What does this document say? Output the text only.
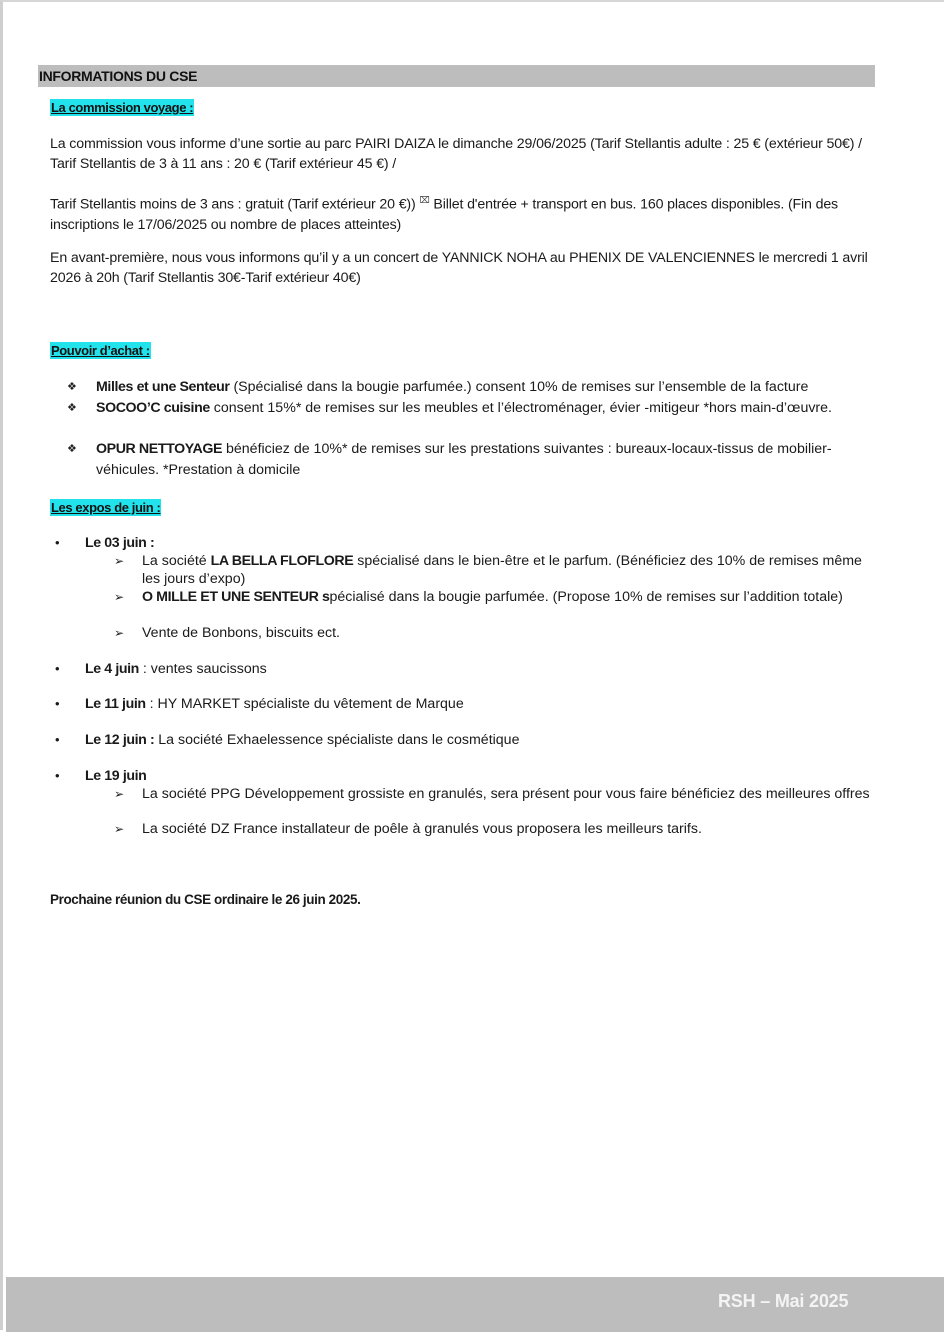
INFORMATIONS DU CSE
La commission voyage :
La commission vous informe d’une sortie au parc PAIRI DAIZA le dimanche 29/06/2025 (Tarif Stellantis adulte : 25 € (extérieur 50€) / Tarif Stellantis de 3 à 11 ans : 20 € (Tarif extérieur 45 €) /
Tarif Stellantis moins de 3 ans : gratuit (Tarif extérieur 20 €)) ⌧ Billet d'entrée + transport en bus. 160 places disponibles. (Fin des inscriptions le 17/06/2025 ou nombre de places atteintes)
En avant-première, nous vous informons qu’il y a un concert de YANNICK NOHA au PHENIX DE VALENCIENNES le mercredi 1 avril 2026 à 20h (Tarif Stellantis 30€-Tarif extérieur 40€)
Pouvoir d’achat :
❖ Milles et une Senteur (Spécialisé dans la bougie parfumée.) consent 10% de remises sur l’ensemble de la facture
❖ SOCOO’C cuisine consent 15%* de remises sur les meubles et l’électroménager, évier -mitigeur *hors main-d’œuvre.
❖ OPUR NETTOYAGE bénéficiez de 10%* de remises sur les prestations suivantes : bureaux-locaux-tissus de mobilier-véhicules. *Prestation à domicile
Les expos de juin :
• Le 03 juin :
➢ La société LA BELLA FLOFLORE spécialisé dans le bien-être et le parfum. (Bénéficiez des 10% de remises même les jours d’expo)
➢ O MILLE ET UNE SENTEUR spécialisé dans la bougie parfumée. (Propose 10% de remises sur l’addition totale)
➢ Vente de Bonbons, biscuits ect.
• Le 4 juin : ventes saucissons
• Le 11 juin : HY MARKET spécialiste du vêtement de Marque
• Le 12 juin : La société Exhaelessence spécialiste dans le cosmétique
• Le 19 juin
➢ La société PPG Développement grossiste en granulés, sera présent pour vous faire bénéficiez des meilleures offres
➢ La société DZ France installateur de poêle à granulés vous proposera les meilleurs tarifs.
Prochaine réunion du CSE ordinaire le 26 juin 2025.
RSH – Mai 2025
